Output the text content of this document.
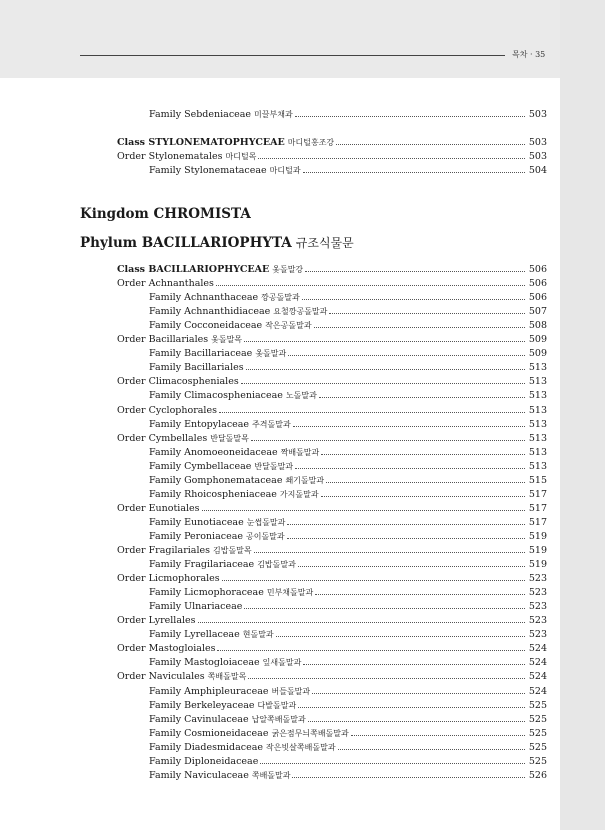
목차 · 35
Family Sebdeniaceae 미끌부채과	503
Class STYLONEMATOPHYCEAE 마디털홍조강	503
Order Stylonematales 마디털목	503
Family Stylonemataceae 마디털과	504
Kingdom CHROMISTA
Phylum BACILLARIOPHYTA 규조식물문
Class BACILLARIOPHYCEAE 옻돌말강	506
Order Achnanthales	506
Family Achnanthaceae 깡공돌말과	506
Family Achnanthidiaceae 요철깡공돌말과	507
Family Cocconeidaceae 작은공돌말과	508
Order Bacillariales 옻돌말목	509
Family Bacillariaceae 옻돌말과	509
Family Bacillariales	513
Order Climacospheniales	513
Family Climacospheniaceae 노돌말과	513
Order Cyclophorales	513
Family Entopylaceae 주격돌말과	513
Order Cymbellales 반달돌말목	513
Family Anomoeoneidaceae 짝배돌말과	513
Family Cymbellaceae 반달돌말과	513
Family Gomphonemataceae 쐐기돌말과	515
Family Rhoicospheniaceae 가지돌말과	517
Order Eunotiales	517
Family Eunotiaceae 눈썹돌말과	517
Family Peroniaceae 공이돌말과	519
Order Fragilariales 김밥돌말목	519
Family Fragilariaceae 김밥돌말과	519
Order Licmophorales	523
Family Licmophoraceae 민부채돌말과	523
Family Ulnariaceae	523
Order Lyrellales	523
Family Lyrellaceae 현돌말과	523
Order Mastogloiales	524
Family Mastogloiaceae 잎새돌말과	524
Order Naviculales 쪽배돌말목	524
Family Amphipleuraceae 버들돌말과	524
Family Berkeleyaceae 다발돌말과	525
Family Cavinulaceae 납알쪽배돌말과	525
Family Cosmioneidaceae 굵은점무늬쪽배돌말과	525
Family Diadesmidaceae 작은빗살쪽배돌말과	525
Family Diploneidaceae	525
Family Naviculaceae 쪽배돌말과	526
